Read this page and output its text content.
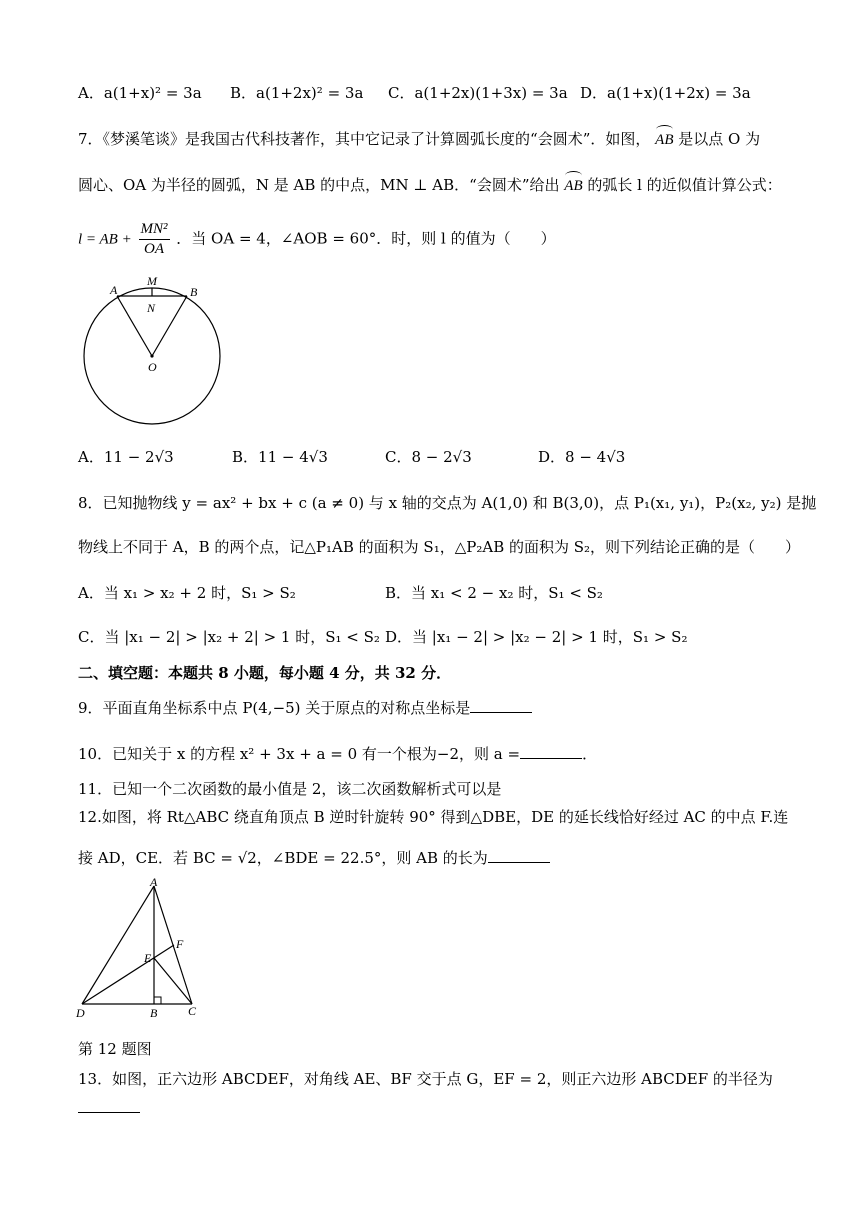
A．a(1+x)² = 3a B．a(1+2x)² = 3a C．a(1+2x)(1+3x) = 3a D．a(1+x)(1+2x) = 3a
7．《梦溪笔谈》是我国古代科技著作，其中它记录了计算圆弧长度的“会圆术”．如图， AB 是以点 O 为
圆心、OA 为半径的圆弧，N 是 AB 的中点，MN ⊥ AB．“会圆术”给出 AB 的弧长 l 的近似值计算公式：
l = AB + $\frac{\text{MN²}}{OA}$ ．当 OA = 4，∠AOB = 60°．时，则 l 的值为（　　）
A
M
B
N
O
A．11 − 2√3	B．11 − 4√3	C．8 − 2√3	D．8 − 4√3
8．已知抛物线 y = ax² + bx + c (a ≠ 0) 与 x 轴的交点为 A(1,0) 和 B(3,0)，点 P₁(x₁, y₁)，P₂(x₂, y₂) 是抛
物线上不同于 A，B 的两个点，记△P₁AB 的面积为 S₁，△P₂AB 的面积为 S₂，则下列结论正确的是（　　）
A．当 x₁ > x₂ + 2 时，S₁ > S₂	B．当 x₁ < 2 − x₂ 时，S₁ < S₂
C．当 |x₁ − 2| > |x₂ + 2| > 1 时，S₁ < S₂ D．当 |x₁ − 2| > |x₂ − 2| > 1 时，S₁ > S₂
二、填空题：本题共 8 小题，每小题 4 分，共 32 分．
9．平面直角坐标系中点 P(4,−5) 关于原点的对称点坐标是
10．已知关于 x 的方程 x² + 3x + a = 0 有一个根为−2，则 a =	．
11．已知一个二次函数的最小值是 2，该二次函数解析式可以是
12.如图，将 Rt△ABC 绕直角顶点 B 逆时针旋转 90° 得到△DBE，DE 的延长线恰好经过 AC 的中点 F.连
接 AD，CE．若 BC = √2，∠BDE = 22.5°，则 AB 的长为
A
F
E
D	B	C
第 12 题图
13．如图，正六边形 ABCDEF，对角线 AE、BF 交于点 G，EF = 2，则正六边形 ABCDEF 的半径为
